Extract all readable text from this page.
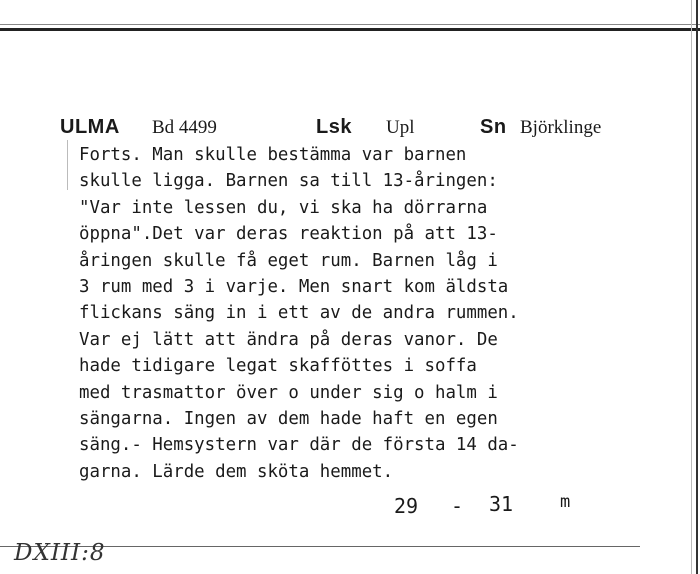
ULMA Bd 4499	Lsk Upl	Sn Björklinge
Forts. Man skulle bestämma var barnen
skulle ligga. Barnen sa till 13-åringen:
"Var inte lessen du, vi ska ha dörrarna
öppna".Det var deras reaktion på att 13-
åringen skulle få eget rum. Barnen låg i
3 rum med 3 i varje. Men snart kom äldsta
flickans säng in i ett av de andra rummen.
Var ej lätt att ändra på deras vanor. De
hade tidigare legat skafföttes i soffa
med trasmattor över o under sig o halm i
sängarna. Ingen av dem hade haft en egen
säng.- Hemsystern var där de första 14 da-
garna. Lärde dem sköta hemmet.
29 - 31	m
DXIII:8
